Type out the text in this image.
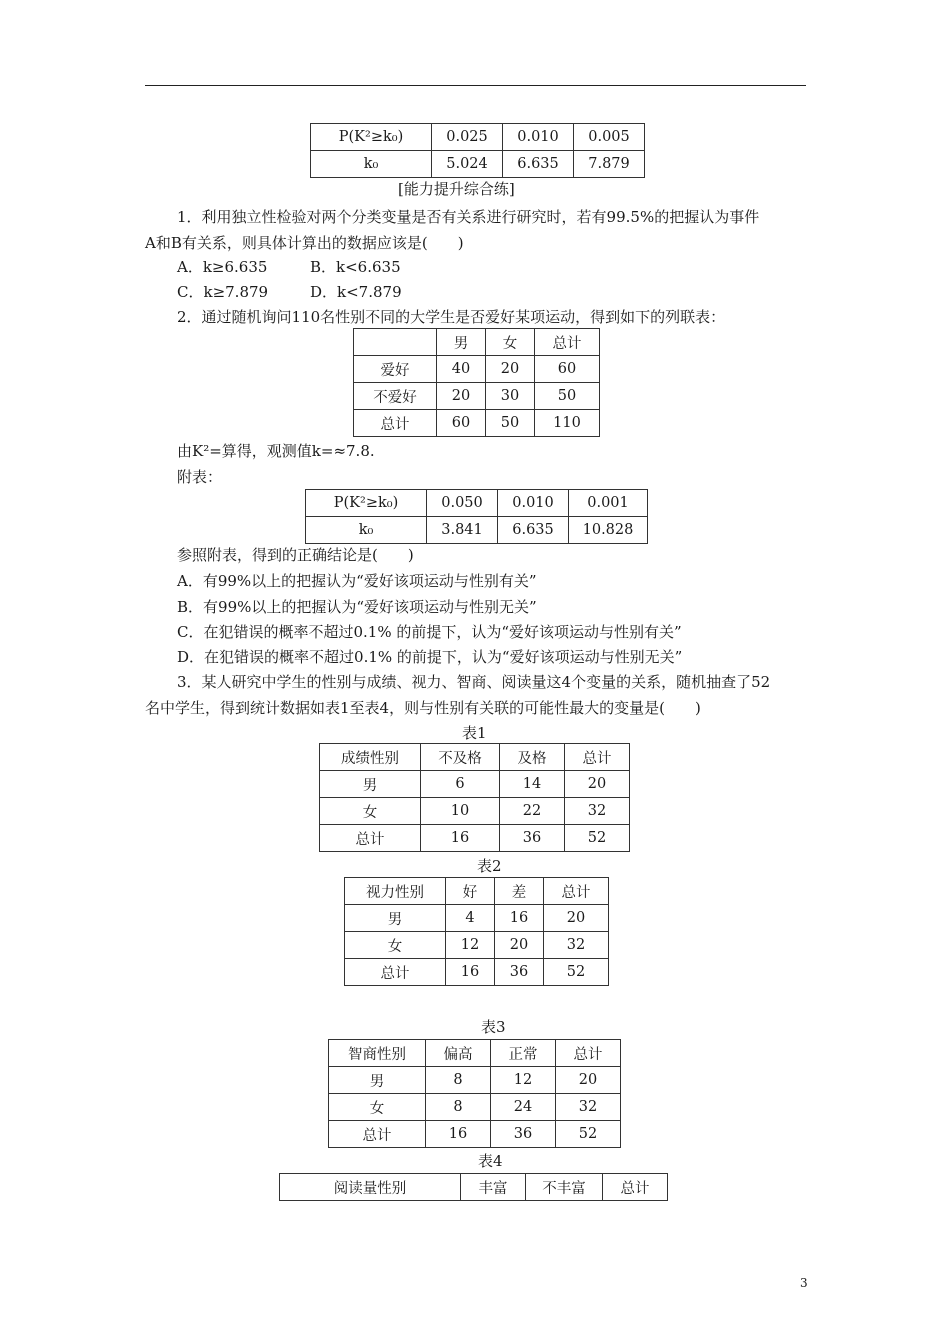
P(K²≥k₀)	0.025	0.010	0.005
k₀	5.024	6.635	7.879
[能力提升综合练]
1．利用独立性检验对两个分类变量是否有关系进行研究时，若有99.5%的把握认为事件
A和B有关系，则具体计算出的数据应该是(　　)
A．k≥6.635	B．k<6.635
C．k≥7.879	D．k<7.879
2．通过随机询问110名性别不同的大学生是否爱好某项运动，得到如下的列联表：
	男	女	总计
爱好	40	20	60
不爱好	20	30	50
总计	60	50	110
由K²=算得，观测值k=≈7.8.
附表：
P(K²≥k₀)	0.050	0.010	0.001
k₀	3.841	6.635	10.828
参照附表，得到的正确结论是(　　)
A．有99%以上的把握认为“爱好该项运动与性别有关”
B．有99%以上的把握认为“爱好该项运动与性别无关”
C．在犯错误的概率不超过0.1% 的前提下，认为“爱好该项运动与性别有关”
D．在犯错误的概率不超过0.1% 的前提下，认为“爱好该项运动与性别无关”
3．某人研究中学生的性别与成绩、视力、智商、阅读量这4个变量的关系，随机抽查了52
名中学生，得到统计数据如表1至表4，则与性别有关联的可能性最大的变量是(　　)
表1
成绩性别	不及格	及格	总计
男	6	14	20
女	10	22	32
总计	16	36	52
表2
视力性别	好	差	总计
男	4	16	20
女	12	20	32
总计	16	36	52
表3
智商性别	偏高	正常	总计
男	8	12	20
女	8	24	32
总计	16	36	52
表4
阅读量性别	丰富	不丰富	总计
3
